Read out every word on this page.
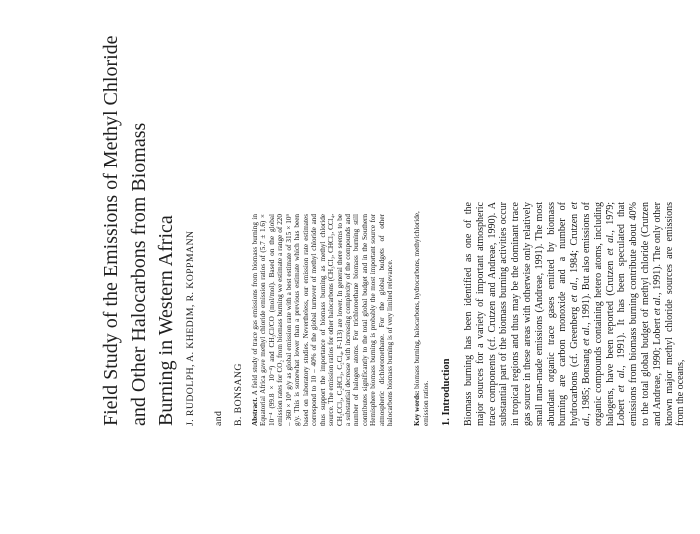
Field Study of the Emissions of Methyl Chloride and Other Halocarbons from Biomass Burning in Western Africa J. RUDOLPH, A. KHEDIM, R. KOPPMANN and B. BONSANG Abstract. A field study of trace gas emissions from biomass burning in Equatorial Africa gave methyl chloride emission ratios of (5.7 ± 1.6) × 10⁻⁴ (99.8 × 10⁻⁴) and CH₃Cl/CO (mol/mol). Based on the global emission rates for CO₂ from biomass burning we estimate a range of 220 – 360 × 10⁹ g/y as global emission rate with a best estimate of 315 × 10⁹ g/y. This is somewhat lower than a previous estimate which has been based on laboratory studies. Nevertheless, our emission rate estimates correspond to 10 – 40% of the global turnover of methyl chloride and thus support the importance of biomass burning as methyl chloride source. The emission ratios for other halocarbons (CH₃CI₃, CHCl₃, CCl₄, CH₂CCl₃, C₂HCl₃, C₂Cl₄, F-113) are lower. In general there seems to be a substantial decrease with increasing complexity of the compounds and number of halogen atoms. For trichloroethane biomass burning still contributes significantly to the total global budget and in the Southern Hemisphere biomass burning is probably the most important source for atmospheric dichloromethane. For the global budgets of other halocarbons biomass burning is of very limited relevance.	Key words: biomass burning, halocarbons, hydrocarbons, methylchloride, emission ratios. 1. Introduction Biomass burning has been identified as one of the major sources for a variety of important atmospheric trace components (cf. Crutzen and Andreae, 1990). A substantial part of the biomass burning activities occur in tropical regions and thus may be the dominant trace gas source in these areas with otherwise only relatively small man-made emissions (Andreae, 1991). The most abundant organic trace gases emitted by biomass burning are carbon monoxide and a number of hydrocarbons (cf. Greenberg et al., 1984; Crutzen et al., 1985; Bonsang et al., 1991). But also emissions of organic compounds containing hetero atoms, including halogens, have been reported (Crutzen et al., 1979; Lobert et al., 1991). It has been speculated that emissions from biomass burning contribute about 40% to the total global budget of methyl chloride (Crutzen and Andreae, 1990; Lobert et al., 1991). The only other known major methyl chloride sources are emissions from the oceans,
